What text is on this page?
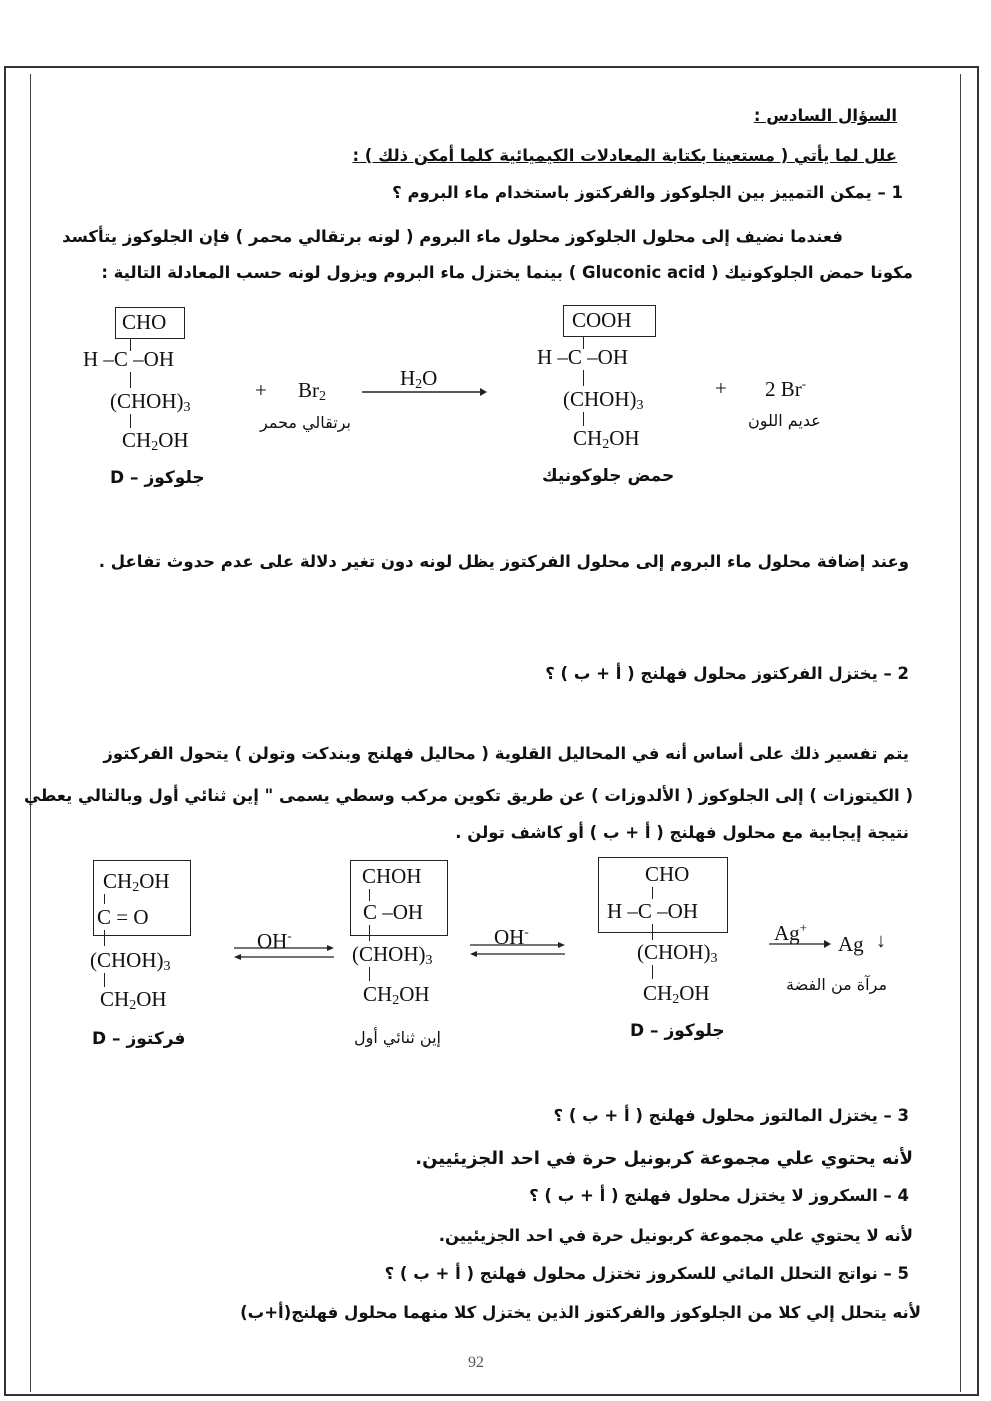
السؤال السادس :
علل لما يأتي ( مستعينا بكتابة المعادلات الكيميائية كلما أمكن ذلك ) :
1 – يمكن التمييز بين الجلوكوز والفركتوز باستخدام ماء البروم ؟
فعندما نضيف إلى محلول الجلوكوز محلول ماء البروم ( لونه برتقالي محمر ) فإن الجلوكوز يتأكسد
مكونا حمض الجلوكونيك ( Gluconic acid ) بينما يختزل ماء البروم ويزول لونه حسب المعادلة التالية :
CHO
H –C –OH
$(CHOH)_3$
$CH_2OH$
D – جلوكوز
+ $Br_2$
برتقالي محمر
$H_2O$
COOH
H –C –OH
$(CHOH)_3$
$CH_2OH$
حمض جلوكونيك
+ 2 Br-
عديم اللون
وعند إضافة محلول ماء البروم إلى محلول الفركتوز يظل لونه دون تغير دلالة على عدم حدوث تفاعل .
2 – يختزل الفركتوز محلول فهلنج ( أ + ب ) ؟
يتم تفسير ذلك على أساس أنه في المحاليل القلوية ( محاليل فهلنج وبندكت وتولن ) يتحول الفركتوز
( الكيتوزات ) إلى الجلوكوز ( الألدوزات ) عن طريق تكوين مركب وسطي يسمى " إين ثنائي أول وبالتالي يعطي
نتيجة إيجابية مع محلول فهلنج ( أ + ب ) أو كاشف تولن .
$CH_2OH$
C = O
$(CHOH)_3$
$CH_2OH$
D – فركتوز
OH-
CHOH
C –OH
$(CHOH)_3$
$CH_2OH$
إين ثنائي أول
OH-
CHO
H –C –OH
$(CHOH)_3$
$CH_2OH$
D – جلوكوز
Ag+
Ag ↓
مرآة من الفضة
3 – يختزل المالتوز محلول فهلنج ( أ + ب ) ؟
لأنه يحتوي علي مجموعة كربونيل حرة في احد الجزيئيين.
4 – السكروز لا يختزل محلول فهلنج ( أ + ب ) ؟
لأنه لا يحتوي علي مجموعة كربونيل حرة في احد الجزيئيين.
5 – نواتج التحلل المائي للسكروز تختزل محلول فهلنج ( أ + ب ) ؟
لأنه يتحلل إلي كلا من الجلوكوز والفركتوز الذين يختزل كلا منهما محلول فهلنج(أ+ب)
92
